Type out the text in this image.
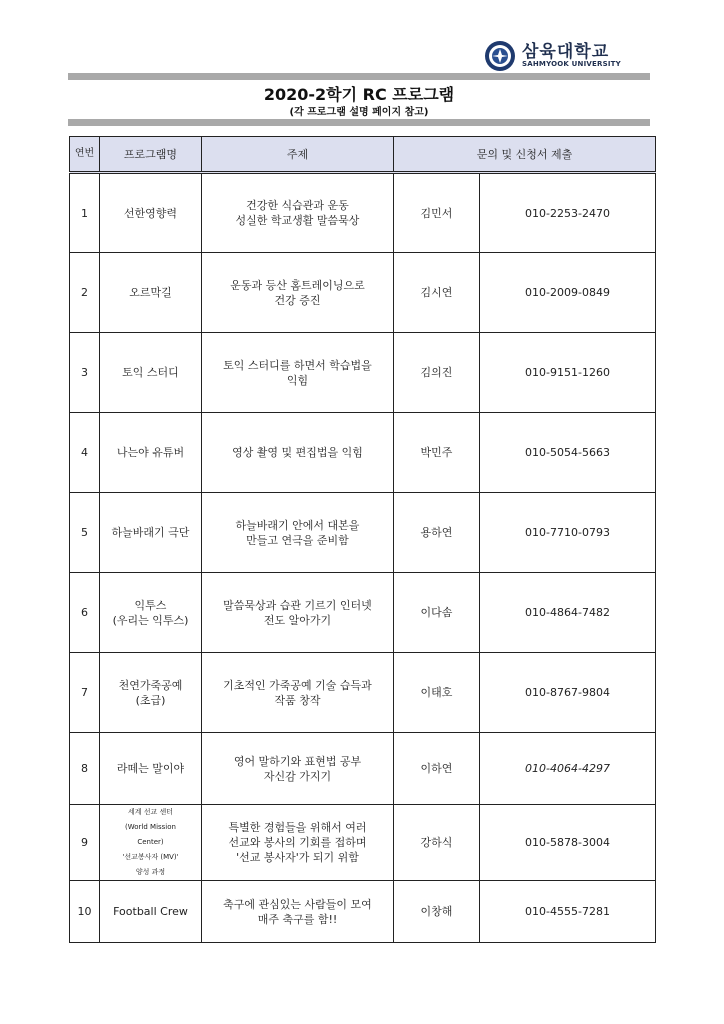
삼육대학교
SAHMYOOK UNIVERSITY
2020-2학기 RC 프로그램
(각 프로그램 설명 페이지 참고)
연번	프로그램명	주제	문의 및 신청서 제출	
1	선한영향력	건강한 식습관과 운동
성실한 학교생활 말씀묵상	김민서	010-2253-2470
2	오르막길	운동과 등산 홈트레이닝으로
건강 증진	김시연	010-2009-0849
3	토익 스터디	토익 스터디를 하면서 학습법을
익힘	김의진	010-9151-1260
4	나는야 유튜버	영상 촬영 및 편집법을 익힘	박민주	010-5054-5663
5	하늘바래기 극단	하늘바래기 안에서 대본을
만들고 연극을 준비함	용하연	010-7710-0793
6	익투스
(우리는 익투스)	말씀묵상과 습관 기르기 인터넷
전도 알아가기	이다솜	010-4864-7482
7	천연가죽공예
(초급)	기초적인 가죽공예 기술 습득과
작품 창작	이태호	010-8767-9804
8	라떼는 말이야	영어 말하기와 표현법 공부
자신감 가지기	이하연	010-4064-4297
9	세계 선교 센터
(World Mission
Center)
'선교봉사자 (MV)'
양성 과정	특별한 경험들을 위해서 여러
선교와 봉사의 기회를 접하며
'선교 봉사자'가 되기 위함	강하식	010-5878-3004
10	Football Crew	축구에 관심있는 사람들이 모여
매주 축구를 함!!	이창해	010-4555-7281
